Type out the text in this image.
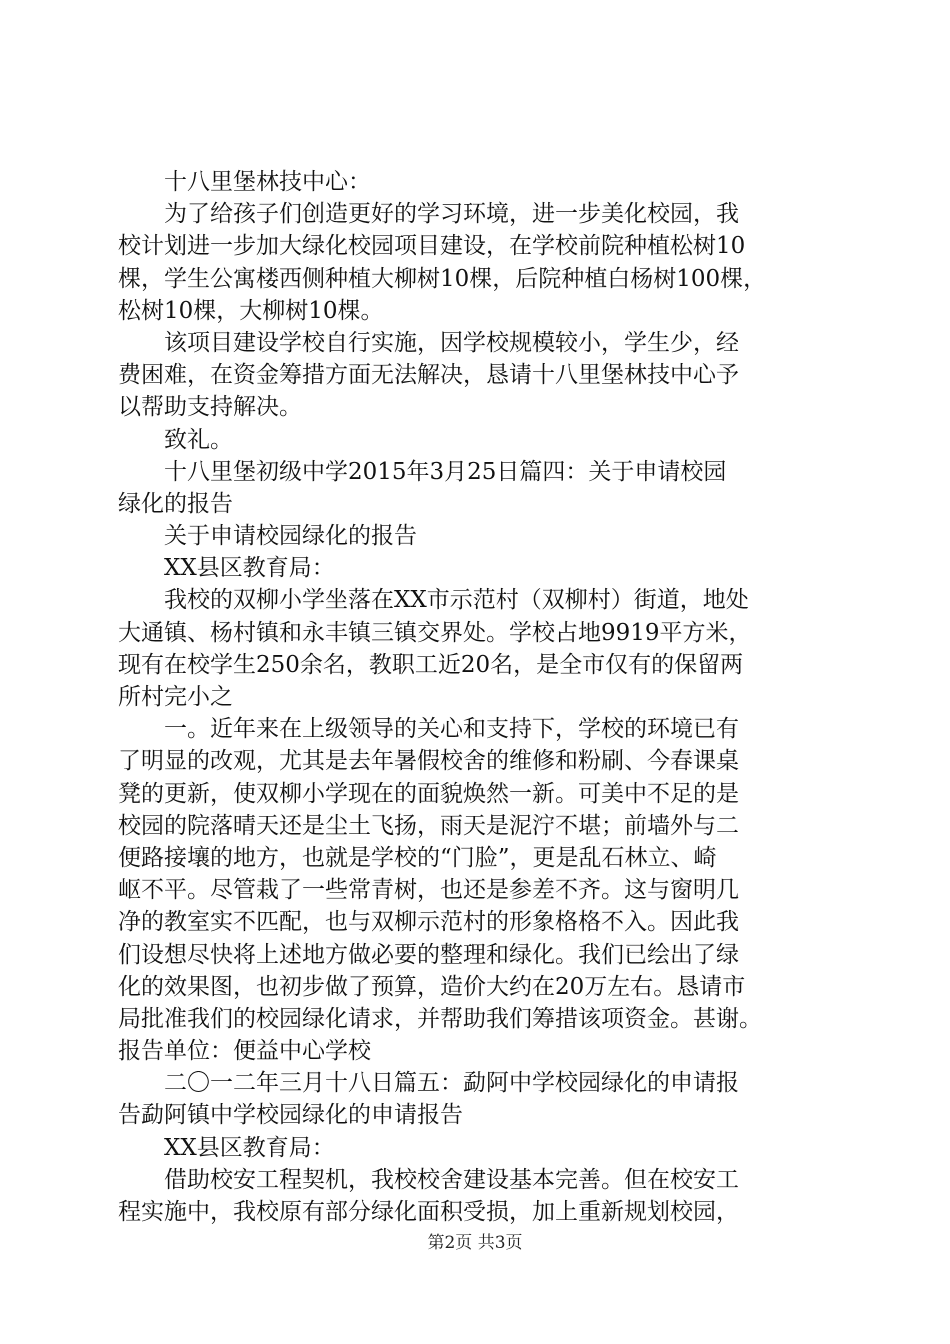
　　十八里堡林技中心：
　　为了给孩子们创造更好的学习环境，进一步美化校园，我
校计划进一步加大绿化校园项目建设，在学校前院种植松树10
棵，学生公寓楼西侧种植大柳树10棵，后院种植白杨树100棵，
松树10棵，大柳树10棵。
　　该项目建设学校自行实施，因学校规模较小，学生少，经
费困难，在资金筹措方面无法解决，恳请十八里堡林技中心予
以帮助支持解决。
　　致礼。
　　十八里堡初级中学2015年3月25日篇四：关于申请校园
绿化的报告
　　关于申请校园绿化的报告
　　XX县区教育局：
　　我校的双柳小学坐落在XX市示范村（双柳村）街道，地处
大通镇、杨村镇和永丰镇三镇交界处。学校占地9919平方米，
现有在校学生250余名，教职工近20名，是全市仅有的保留两
所村完小之
　　一。近年来在上级领导的关心和支持下，学校的环境已有
了明显的改观，尤其是去年暑假校舍的维修和粉刷、今春课桌
凳的更新，使双柳小学现在的面貌焕然一新。可美中不足的是
校园的院落晴天还是尘土飞扬，雨天是泥泞不堪；前墙外与二
便路接壤的地方，也就是学校的“门脸”，更是乱石林立、崎
岖不平。尽管栽了一些常青树，也还是参差不齐。这与窗明几
净的教室实不匹配，也与双柳示范村的形象格格不入。因此我
们设想尽快将上述地方做必要的整理和绿化。我们已绘出了绿
化的效果图，也初步做了预算，造价大约在20万左右。恳请市
局批准我们的校园绿化请求，并帮助我们筹措该项资金。甚谢。
报告单位：便益中心学校
　　二〇一二年三月十八日篇五：勐阿中学校园绿化的申请报
告勐阿镇中学校园绿化的申请报告
　　XX县区教育局：
　　借助校安工程契机，我校校舍建设基本完善。但在校安工
程实施中，我校原有部分绿化面积受损，加上重新规划校园，
第2页 共3页
